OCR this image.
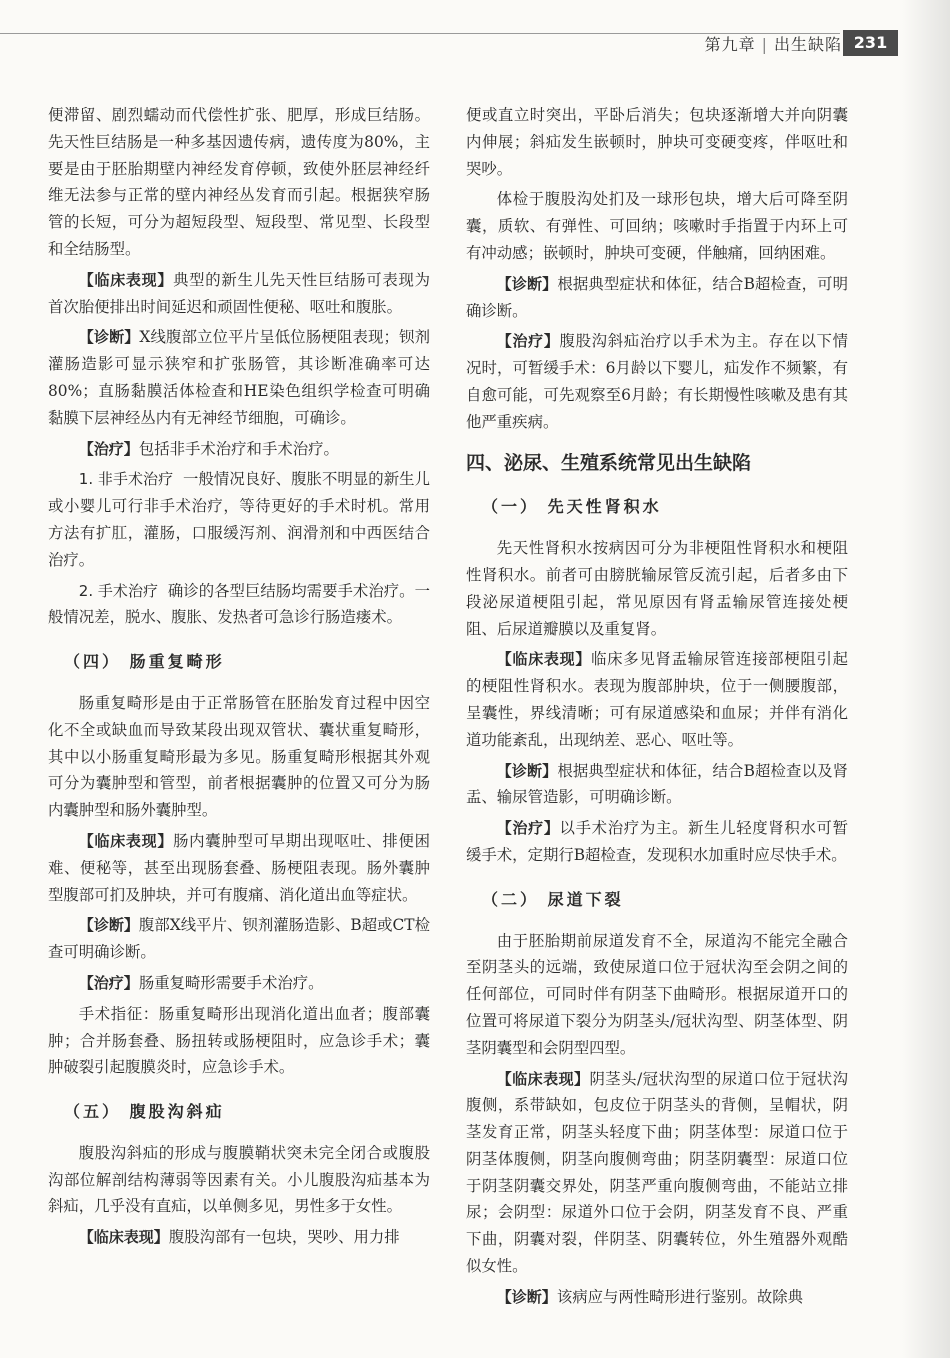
第九章 | 出生缺陷 231

便滞留、剧烈蠕动而代偿性扩张、肥厚，形成巨结肠。先天性巨结肠是一种多基因遗传病，遗传度为80%，主要是由于胚胎期壁内神经发育停顿，致使外胚层神经纤维无法参与正常的壁内神经丛发育而引起。根据狭窄肠管的长短，可分为超短段型、短段型、常见型、长段型和全结肠型。

【临床表现】典型的新生儿先天性巨结肠可表现为首次胎便排出时间延迟和顽固性便秘、呕吐和腹胀。

【诊断】X线腹部立位平片呈低位肠梗阻表现；钡剂灌肠造影可显示狭窄和扩张肠管，其诊断准确率可达80%；直肠黏膜活体检查和HE染色组织学检查可明确黏膜下层神经丛内有无神经节细胞，可确诊。

【治疗】包括非手术治疗和手术治疗。

1. 非手术治疗 一般情况良好、腹胀不明显的新生儿或小婴儿可行非手术治疗，等待更好的手术时机。常用方法有扩肛，灌肠，口服缓泻剂、润滑剂和中西医结合治疗。

2. 手术治疗 确诊的各型巨结肠均需要手术治疗。一般情况差，脱水、腹胀、发热者可急诊行肠造瘘术。

（四） 肠重复畸形

肠重复畸形是由于正常肠管在胚胎发育过程中因空化不全或缺血而导致某段出现双管状、囊状重复畸形，其中以小肠重复畸形最为多见。肠重复畸形根据其外观可分为囊肿型和管型，前者根据囊肿的位置又可分为肠内囊肿型和肠外囊肿型。

【临床表现】肠内囊肿型可早期出现呕吐、排便困难、便秘等，甚至出现肠套叠、肠梗阻表现。肠外囊肿型腹部可扪及肿块，并可有腹痛、消化道出血等症状。

【诊断】腹部X线平片、钡剂灌肠造影、B超或CT检查可明确诊断。

【治疗】肠重复畸形需要手术治疗。

手术指征：肠重复畸形出现消化道出血者；腹部囊肿；合并肠套叠、肠扭转或肠梗阻时，应急诊手术；囊肿破裂引起腹膜炎时，应急诊手术。

（五） 腹股沟斜疝

腹股沟斜疝的形成与腹膜鞘状突未完全闭合或腹股沟部位解剖结构薄弱等因素有关。小儿腹股沟疝基本为斜疝，几乎没有直疝，以单侧多见，男性多于女性。

【临床表现】腹股沟部有一包块，哭吵、用力排

便或直立时突出，平卧后消失；包块逐渐增大并向阴囊内伸展；斜疝发生嵌顿时，肿块可变硬变疼，伴呕吐和哭吵。

体检于腹股沟处扪及一球形包块，增大后可降至阴囊，质软、有弹性、可回纳；咳嗽时手指置于内环上可有冲动感；嵌顿时，肿块可变硬，伴触痛，回纳困难。

【诊断】根据典型症状和体征，结合B超检查，可明确诊断。

【治疗】腹股沟斜疝治疗以手术为主。存在以下情况时，可暂缓手术：6月龄以下婴儿，疝发作不频繁，有自愈可能，可先观察至6月龄；有长期慢性咳嗽及患有其他严重疾病。

四、泌尿、生殖系统常见出生缺陷
（一） 先天性肾积水

先天性肾积水按病因可分为非梗阻性肾积水和梗阻性肾积水。前者可由膀胱输尿管反流引起，后者多由下段泌尿道梗阻引起，常见原因有肾盂输尿管连接处梗阻、后尿道瓣膜以及重复肾。

【临床表现】临床多见肾盂输尿管连接部梗阻引起的梗阻性肾积水。表现为腹部肿块，位于一侧腰腹部，呈囊性，界线清晰；可有尿道感染和血尿；并伴有消化道功能紊乱，出现纳差、恶心、呕吐等。

【诊断】根据典型症状和体征，结合B超检查以及肾盂、输尿管造影，可明确诊断。

【治疗】以手术治疗为主。新生儿轻度肾积水可暂缓手术，定期行B超检查，发现积水加重时应尽快手术。

（二） 尿道下裂

由于胚胎期前尿道发育不全，尿道沟不能完全融合至阴茎头的远端，致使尿道口位于冠状沟至会阴之间的任何部位，可同时伴有阴茎下曲畸形。根据尿道开口的位置可将尿道下裂分为阴茎头/冠状沟型、阴茎体型、阴茎阴囊型和会阴型四型。

【临床表现】阴茎头/冠状沟型的尿道口位于冠状沟腹侧，系带缺如，包皮位于阴茎头的背侧，呈帽状，阴茎发育正常，阴茎头轻度下曲；阴茎体型：尿道口位于阴茎体腹侧，阴茎向腹侧弯曲；阴茎阴囊型：尿道口位于阴茎阴囊交界处，阴茎严重向腹侧弯曲，不能站立排尿；会阴型：尿道外口位于会阴，阴茎发育不良、严重下曲，阴囊对裂，伴阴茎、阴囊转位，外生殖器外观酷似女性。

【诊断】该病应与两性畸形进行鉴别。故除典
